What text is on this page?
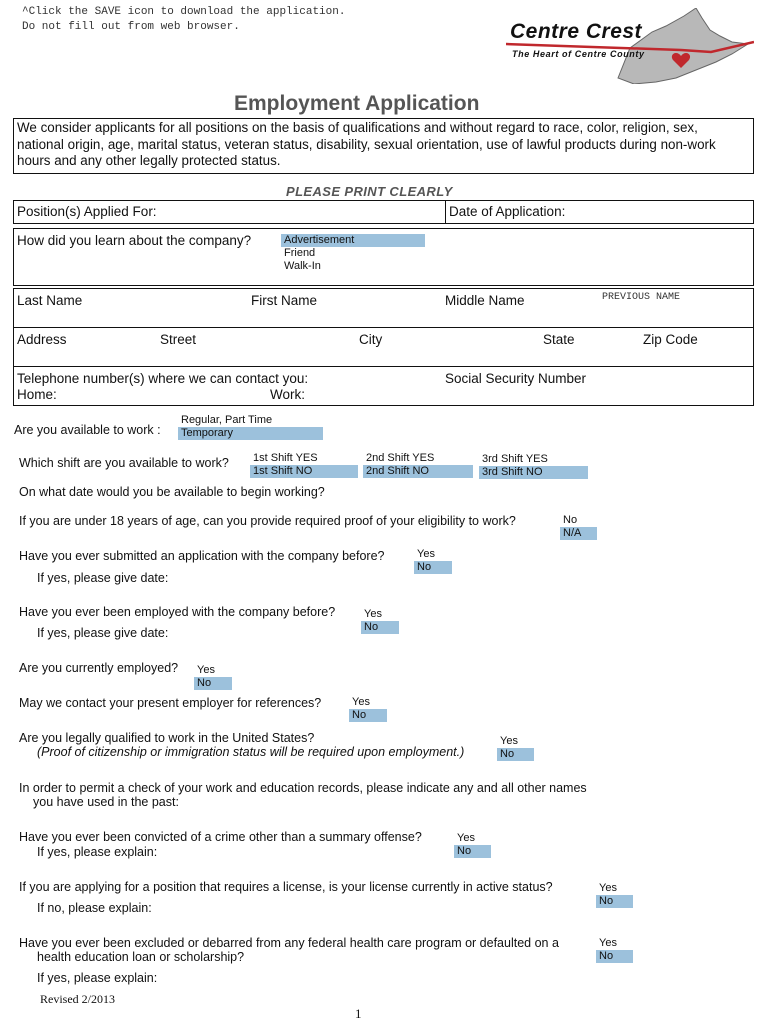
^Click the SAVE icon to download the application.
Do not fill out from web browser.	Centre Crest
The Heart of Centre County
Employment Application
We consider applicants for all positions on the basis of qualifications and without regard to race, color, religion, sex, national origin, age, marital status, veteran status, disability, sexual orientation, use of lawful products during non-work hours and any other legally protected status.
PLEASE PRINT CLEARLY
Position(s) Applied For:	Date of Application:
How did you learn about the company?	Advertisement
Friend
Walk-In
Last Name	First Name	Middle Name	PREVIOUS NAME
Address	Street	City	State	Zip Code
Telephone number(s) where we can contact you:
Home:	Work:
Social Security Number
Are you available to work :
Regular, Part Time
Temporary
Which shift are you available to work? 1st Shift YES
1st Shift NO
2nd Shift YES
2nd Shift NO
3rd Shift YES
3rd Shift NO
On what date would you be available to begin working?
If you are under 18 years of age, can you provide required proof of your eligibility to work?	No
N/A
Have you ever submitted an application with the company before?	Yes
No
If yes, please give date:
Have you ever been employed with the company before?	Yes
No
If yes, please give date:
Are you currently employed? Yes
No
May we contact your present employer for references?	Yes
No
Are you legally qualified to work in the United States?
(Proof of citizenship or immigration status will be required upon employment.)
Yes
No
In order to permit a check of your work and education records, please indicate any and all other names
you have used in the past:
Have you ever been convicted of a crime other than a summary offense?
If yes, please explain:
Yes
No
If you are applying for a position that requires a license, is your license currently in active status?
If no, please explain:
Yes
No
Have you ever been excluded or debarred from any federal health care program or defaulted on a
health education loan or scholarship?
If yes, please explain:
Yes
No
Revised 2/2013
1
